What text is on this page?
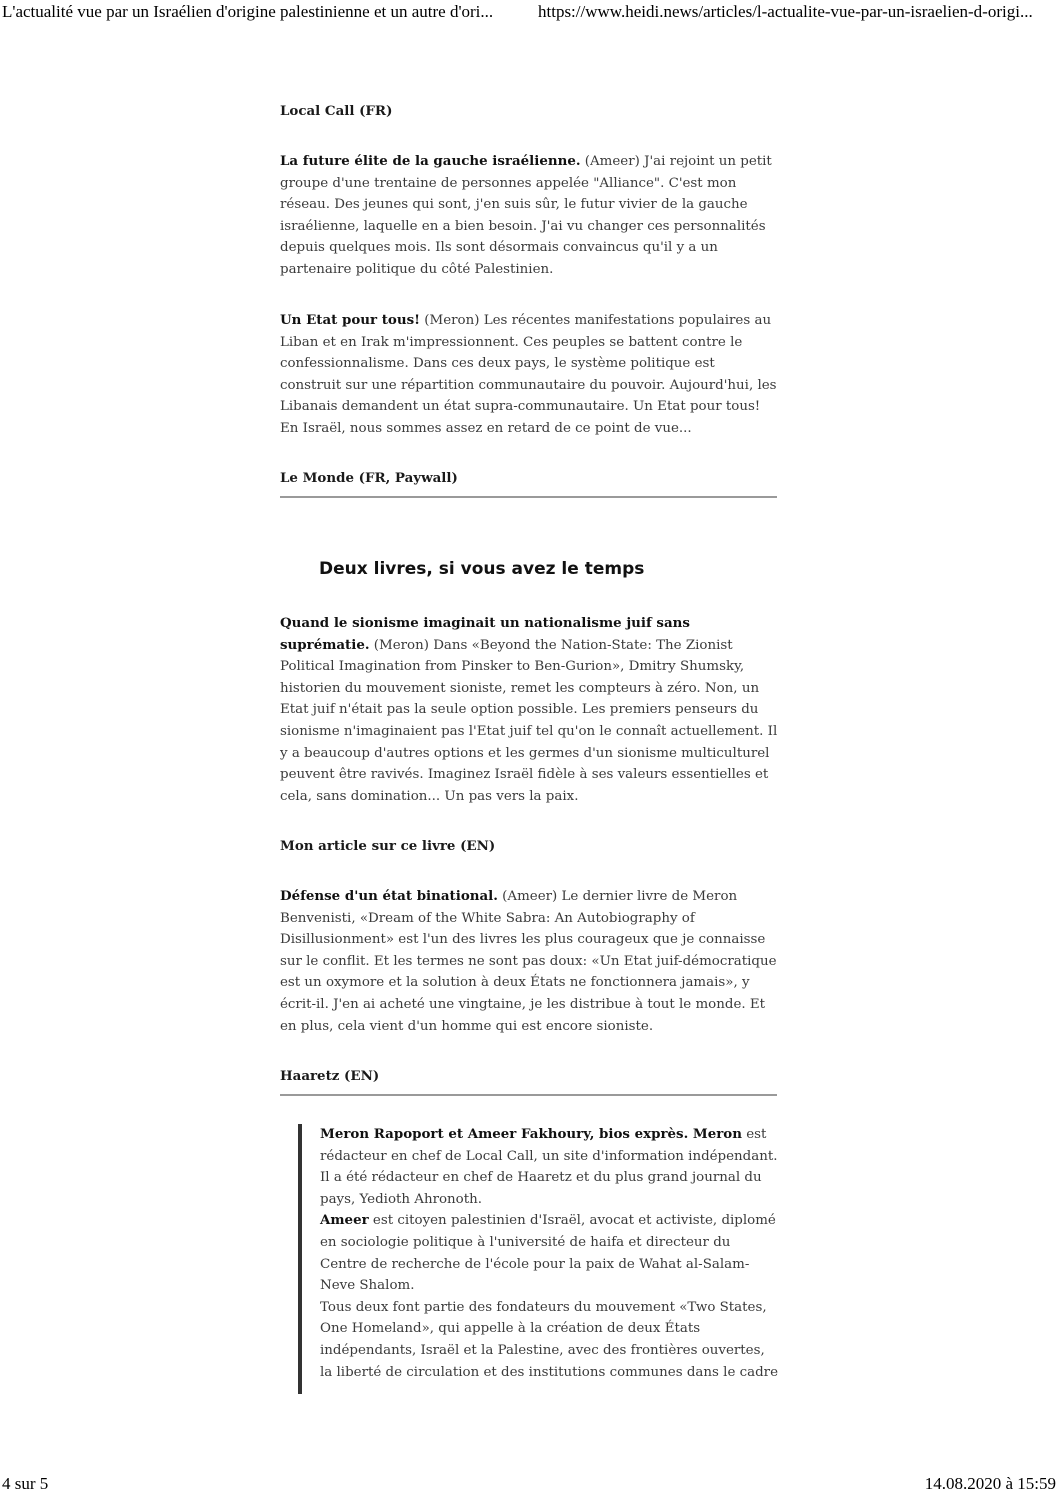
L'actualité vue par un Israélien d'origine palestinienne et un autre d'ori...	https://www.heidi.news/articles/l-actualite-vue-par-un-israelien-d-origi...

Local Call (FR)

La future élite de la gauche israélienne. (Ameer) J'ai rejoint un petit groupe d'une trentaine de personnes appelée "Alliance". C'est mon réseau. Des jeunes qui sont, j'en suis sûr, le futur vivier de la gauche israélienne, laquelle en a bien besoin. J'ai vu changer ces personnalités depuis quelques mois. Ils sont désormais convaincus qu'il y a un partenaire politique du côté Palestinien.

Un Etat pour tous! (Meron) Les récentes manifestations populaires au Liban et en Irak m'impressionnent. Ces peuples se battent contre le confessionnalisme. Dans ces deux pays, le système politique est construit sur une répartition communautaire du pouvoir. Aujourd'hui, les Libanais demandent un état supra-communautaire. Un Etat pour tous! En Israël, nous sommes assez en retard de ce point de vue...

Le Monde (FR, Paywall)

Deux livres, si vous avez le temps

Quand le sionisme imaginait un nationalisme juif sans suprématie. (Meron) Dans «Beyond the Nation-State: The Zionist Political Imagination from Pinsker to Ben-Gurion», Dmitry Shumsky, historien du mouvement sioniste, remet les compteurs à zéro. Non, un Etat juif n'était pas la seule option possible. Les premiers penseurs du sionisme n'imaginaient pas l'Etat juif tel qu'on le connaît actuellement. Il y a beaucoup d'autres options et les germes d'un sionisme multiculturel peuvent être ravivés. Imaginez Israël fidèle à ses valeurs essentielles et cela, sans domination... Un pas vers la paix.

Mon article sur ce livre (EN)

Défense d'un état binational. (Ameer) Le dernier livre de Meron Benvenisti, «Dream of the White Sabra: An Autobiography of Disillusionment» est l'un des livres les plus courageux que je connaisse sur le conflit. Et les termes ne sont pas doux: «Un Etat juif-démocratique est un oxymore et la solution à deux États ne fonctionnera jamais», y écrit-il. J'en ai acheté une vingtaine, je les distribue à tout le monde. Et en plus, cela vient d'un homme qui est encore sioniste.

Haaretz (EN)

Meron Rapoport et Ameer Fakhoury, bios exprès. Meron est rédacteur en chef de Local Call, un site d'information indépendant. Il a été rédacteur en chef de Haaretz et du plus grand journal du pays, Yedioth Ahronoth.

Ameer est citoyen palestinien d'Israël, avocat et activiste, diplomé en sociologie politique à l'université de haifa et directeur du Centre de recherche de l'école pour la paix de Wahat al-Salam-Neve Shalom.

Tous deux font partie des fondateurs du mouvement «Two States, One Homeland», qui appelle à la création de deux États indépendants, Israël et la Palestine, avec des frontières ouvertes, la liberté de circulation et des institutions communes dans le cadre

4 sur 5	14.08.2020 à 15:59
